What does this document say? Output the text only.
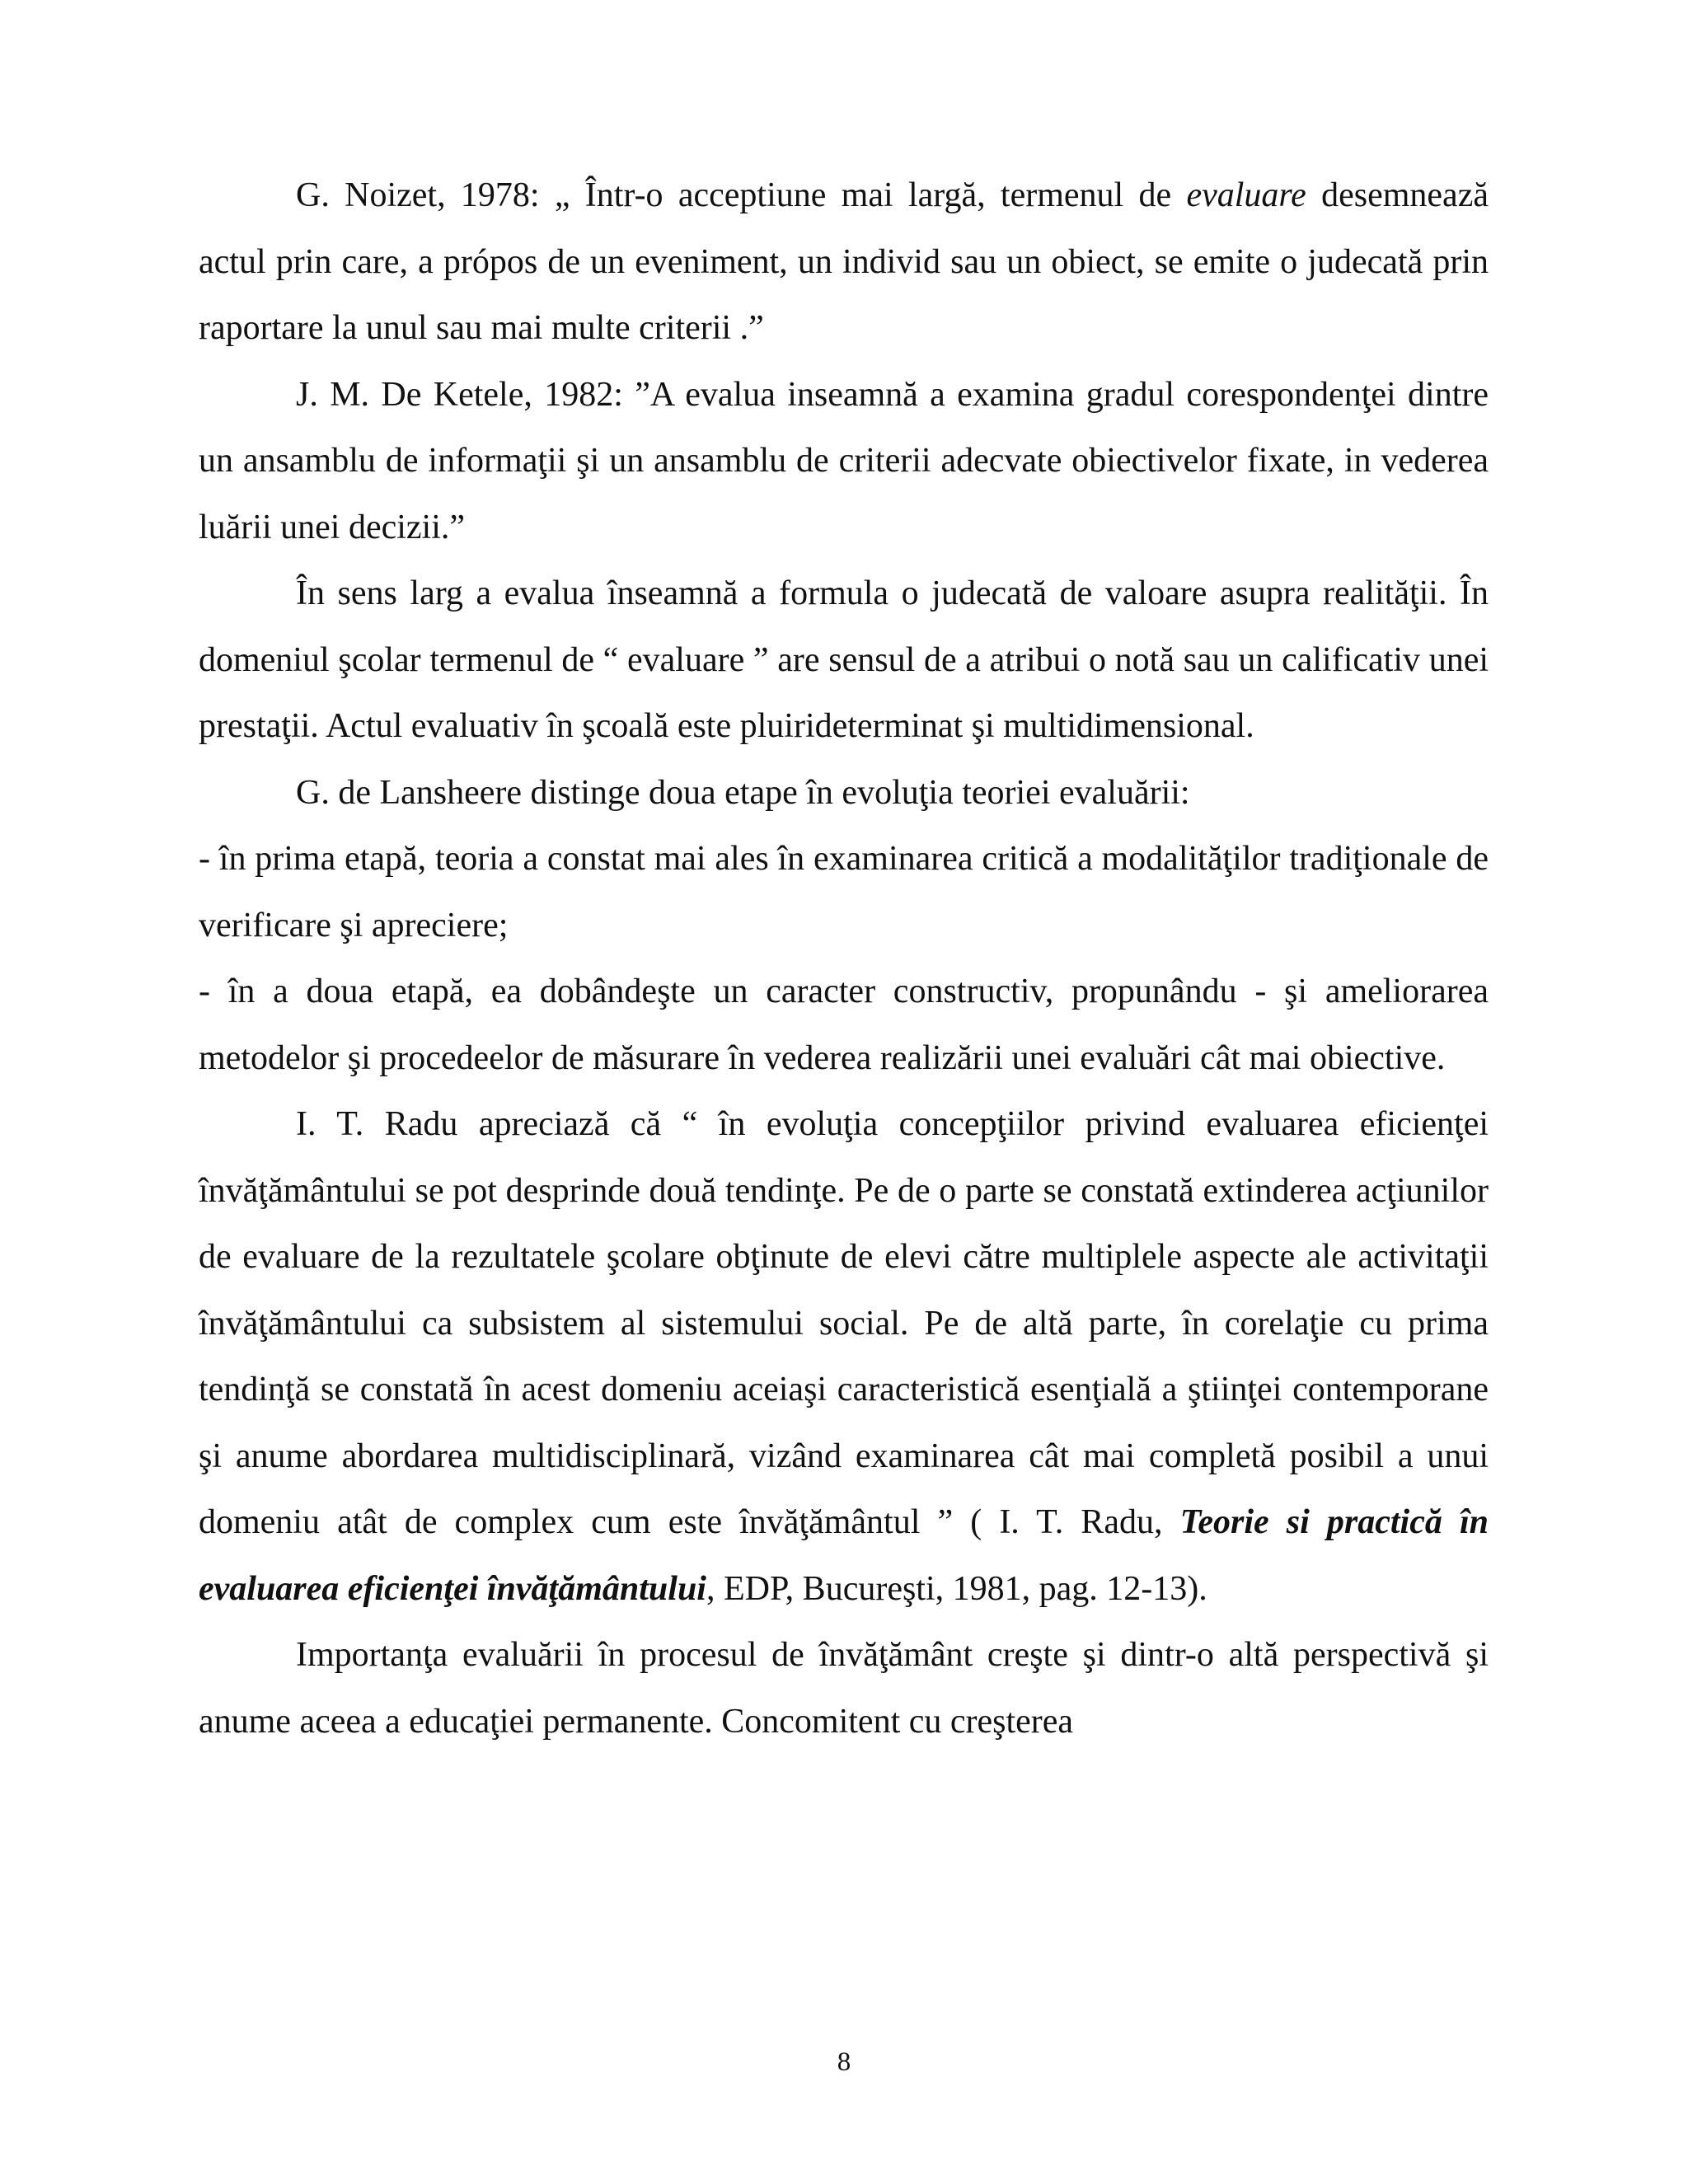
G. Noizet, 1978: „ Într-o acceptiune mai largă, termenul de evaluare desemnează actul prin care, a própos de un eveniment, un individ sau un obiect, se emite o judecată prin raportare la unul sau mai multe criterii .”

J. M. De Ketele, 1982: ”A evalua inseamnă a examina gradul corespondenţei dintre un ansamblu de informaţii şi un ansamblu de criterii adecvate obiectivelor fixate, in vederea luării unei decizii.”

În sens larg a evalua înseamnă a formula o judecată de valoare asupra realităţii. În domeniul şcolar termenul de “ evaluare ” are sensul de a atribui o notă sau un calificativ unei prestaţii. Actul evaluativ în şcoală este pluirideterminat şi multidimensional.

G. de Lansheere distinge doua etape în evoluţia teoriei evaluării:

- în prima etapă, teoria a constat mai ales în examinarea critică a modalităţilor tradiţionale de verificare şi apreciere;

- în a doua etapă, ea dobândeşte un caracter constructiv, propunându - şi ameliorarea metodelor şi procedeelor de măsurare în vederea realizării unei evaluări cât mai obiective.

I. T. Radu apreciază că “ în evoluţia concepţiilor privind evaluarea eficienţei învăţământului se pot desprinde două tendinţe. Pe de o parte se constată extinderea acţiunilor de evaluare de la rezultatele şcolare obţinute de elevi către multiplele aspecte ale activitaţii învăţământului ca subsistem al sistemului social. Pe de altă parte, în corelaţie cu prima tendinţă se constată în acest domeniu aceiaşi caracteristică esenţială a ştiinţei contemporane şi anume abordarea multidisciplinară, vizând examinarea cât mai completă posibil a unui domeniu atât de complex cum este învăţământul ” ( I. T. Radu, Teorie si practică în evaluarea eficienţei învăţământului, EDP, Bucureşti, 1981, pag. 12-13).

Importanţa evaluării în procesul de învăţământ creşte şi dintr-o altă perspectivă şi anume aceea a educaţiei permanente. Concomitent cu creşterea

8
